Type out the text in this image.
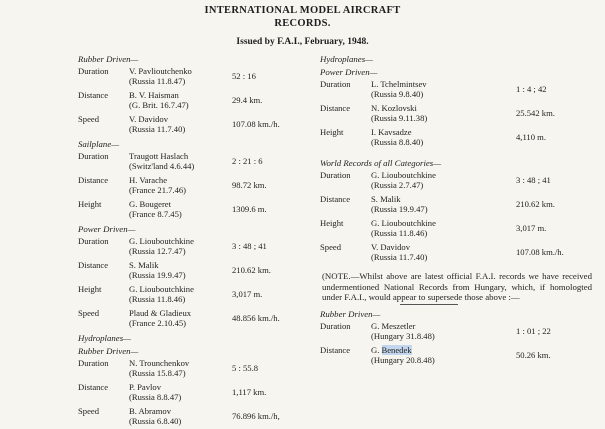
INTERNATIONAL MODEL AIRCRAFT
RECORDS.
Issued by F.A.I., February, 1948.
Rubber Driven—
Duration V. Pavlioutchenko
(Russia 11.8.47)	52 : 16
Distance B. V. Haisman
(G. Brit. 16.7.47)	29.4 km.
Speed	V. Davidov
(Russia 11.7.40)	107.08 km./h.
Sailplane—
Duration Traugott Haslach
(Switz'land 4.6.44)	2 : 21 : 6
Distance H. Varache
(France 21.7.46)	98.72 km.
Height	G. Bougeret
(France 8.7.45)	1309.6 m.
Power Driven—
Duration G. Liouboutchkine
(Russia 12.7.47)	3 : 48 ; 41
Distance S. Malik
(Russia 19.9.47)	210.62 km.
Height	G. Liouboutchkine
(Russia 11.8.46)	3,017 m.
Speed	Plaud & Gladieux
(France 2.10.45)	48.856 km./h.
Hydroplanes—
Rubber Driven—
Duration N. Trounchenkov
(Russia 15.8.47)	5 : 55.8
Distance P. Pavlov
(Russia 8.8.47)	1,117 km.
Speed	B. Abramov
(Russia 6.8.40)	76.896 km./h,
Hydroplanes—
Power Driven—
Duration L. Tchelmintsev
(Russia 9.8.40)	1 : 4 ; 42
Distance N. Kozlovski
(Russia 9.11.38)	25.542 km.
Height	I. Kavsadze
(Russia 8.8.40)	4,110 m.
World Records of all Categories—
Duration G. Liouboutchkine
(Russia 2.7.47)	3 : 48 ; 41
Distance S. Malik
(Russia 19.9.47)	210.62 km.
Height	G. Liouboutchkine
(Russia 11.8.46)	3,017 m.
Speed	V. Davidov
(Russia 11.7.40)	107.08 km./h.
(NOTE.—Whilst above are latest official F.A.I. records we have received undermentioned National Records from Hungary, which, if homologted under F.A.I., would appear to supersede those above :—
Rubber Driven—
Duration G. Meszetler
(Hungary 31.8.48)	1 : 01 ; 22
Distance G. Benedek
(Hungary 20.8.48)	50.26 km.
